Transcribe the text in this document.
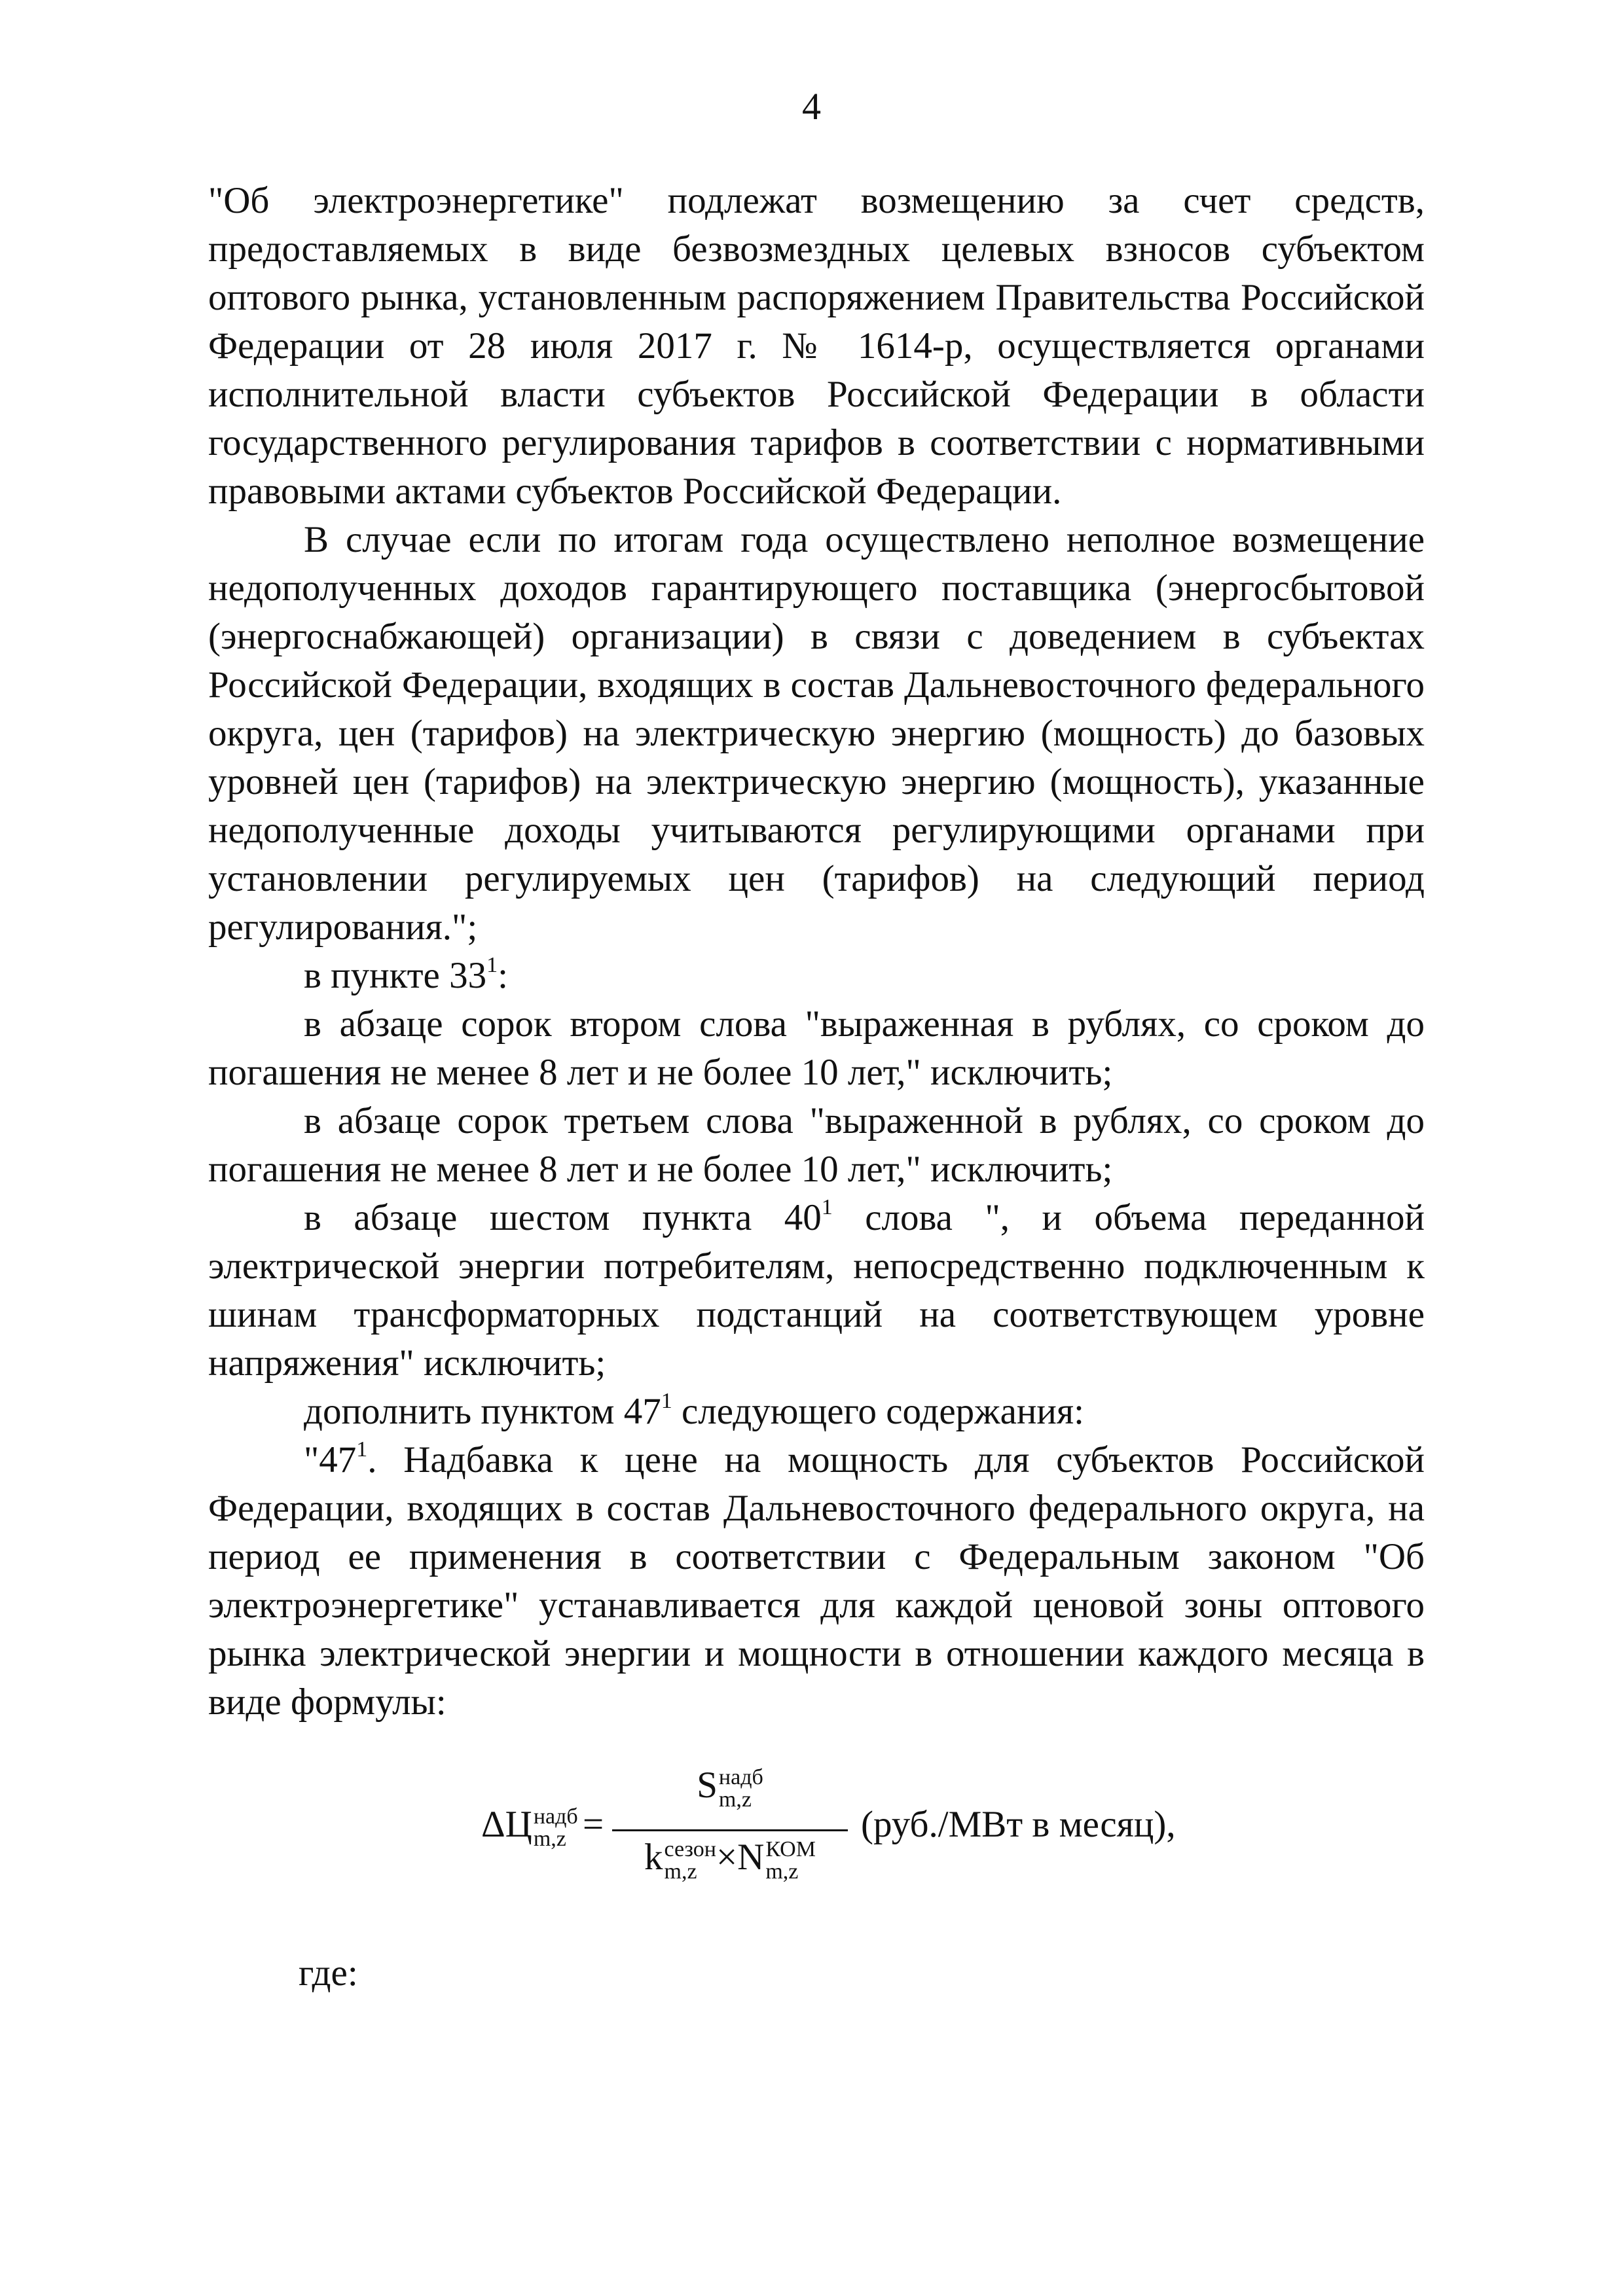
4

"Об электроэнергетике" подлежат возмещению за счет средств, предоставляемых в виде безвозмездных целевых взносов субъектом оптового рынка, установленным распоряжением Правительства Российской Федерации от 28 июля 2017 г. № 1614-р, осуществляется органами исполнительной власти субъектов Российской Федерации в области государственного регулирования тарифов в соответствии с нормативными правовыми актами субъектов Российской Федерации.

В случае если по итогам года осуществлено неполное возмещение недополученных доходов гарантирующего поставщика (энергосбытовой (энергоснабжающей) организации) в связи с доведением в субъектах Российской Федерации, входящих в состав Дальневосточного федерального округа, цен (тарифов) на электрическую энергию (мощность) до базовых уровней цен (тарифов) на электрическую энергию (мощность), указанные недополученные доходы учитываются регулирующими органами при установлении регулируемых цен (тарифов) на следующий период регулирования.";

в пункте $33^1$:

в абзаце сорок втором слова "выраженная в рублях, со сроком до погашения не менее 8 лет и не более 10 лет," исключить;

в абзаце сорок третьем слова "выраженной в рублях, со сроком до погашения не менее 8 лет и не более 10 лет," исключить;

в абзаце шестом пункта $40^1$ слова ", и объема переданной электрической энергии потребителям, непосредственно подключенным к шинам трансформаторных подстанций на соответствующем уровне напряжения" исключить;

дополнить пунктом $47^1$ следующего содержания:

"$47^1$. Надбавка к цене на мощность для субъектов Российской Федерации, входящих в состав Дальневосточного федерального округа, на период ее применения в соответствии с Федеральным законом "Об электроэнергетике" устанавливается для каждой ценовой зоны оптового рынка электрической энергии и мощности в отношении каждого месяца в виде формулы:

ΔЦ надб
m,z =
S надб
m,z
k сезон
m,z ×N КОМ
m,z
(руб./МВт в месяц),
где:
